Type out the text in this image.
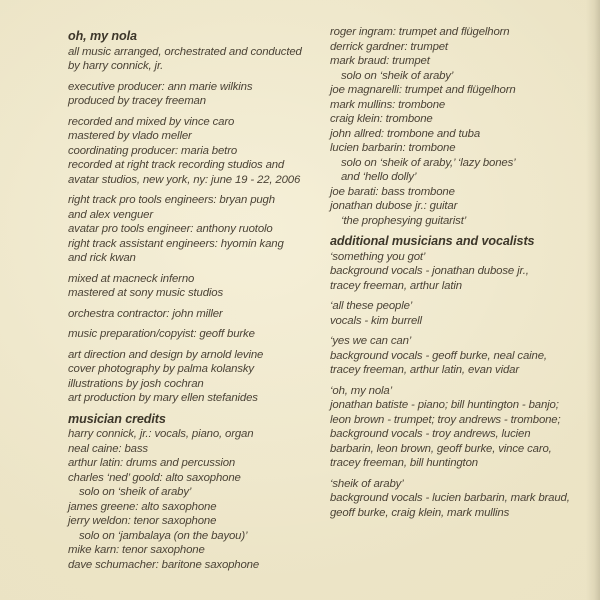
oh, my nola
all music arranged, orchestrated and conducted
by harry connick, jr.
executive producer: ann marie wilkins
produced by tracey freeman
recorded and mixed by vince caro
mastered by vlado meller
coordinating producer: maria betro
recorded at right track recording studios and
avatar studios, new york, ny: june 19 - 22, 2006
right track pro tools engineers: bryan pugh
and alex venguer
avatar pro tools engineer: anthony ruotolo
right track assistant engineers: hyomin kang
and rick kwan
mixed at macneck inferno
mastered at sony music studios
orchestra contractor: john miller
music preparation/copyist: geoff burke
art direction and design by arnold levine
cover photography by palma kolansky
illustrations by josh cochran
art production by mary ellen stefanides
musician credits
harry connick, jr.: vocals, piano, organ
neal caine: bass
arthur latin: drums and percussion
charles ‘ned’ goold: alto saxophone
solo on ‘sheik of araby’
james greene: alto saxophone
jerry weldon: tenor saxophone
solo on ‘jambalaya (on the bayou)’
mike karn: tenor saxophone
dave schumacher: baritone saxophone
roger ingram: trumpet and flügelhorn
derrick gardner: trumpet
mark braud: trumpet
solo on ‘sheik of araby’
joe magnarelli: trumpet and flügelhorn
mark mullins: trombone
craig klein: trombone
john allred: trombone and tuba
lucien barbarin: trombone
solo on ‘sheik of araby,’ ‘lazy bones’
and ‘hello dolly’
joe barati: bass trombone
jonathan dubose jr.: guitar
‘the prophesying guitarist’
additional musicians and vocalists
‘something you got’
background vocals - jonathan dubose jr.,
tracey freeman, arthur latin
‘all these people’
vocals - kim burrell
‘yes we can can’
background vocals - geoff burke, neal caine,
tracey freeman, arthur latin, evan vidar
‘oh, my nola’
jonathan batiste - piano; bill huntington - banjo;
leon brown - trumpet; troy andrews - trombone;
background vocals - troy andrews, lucien
barbarin, leon brown, geoff burke, vince caro,
tracey freeman, bill huntington
‘sheik of araby’
background vocals - lucien barbarin, mark braud,
geoff burke, craig klein, mark mullins
